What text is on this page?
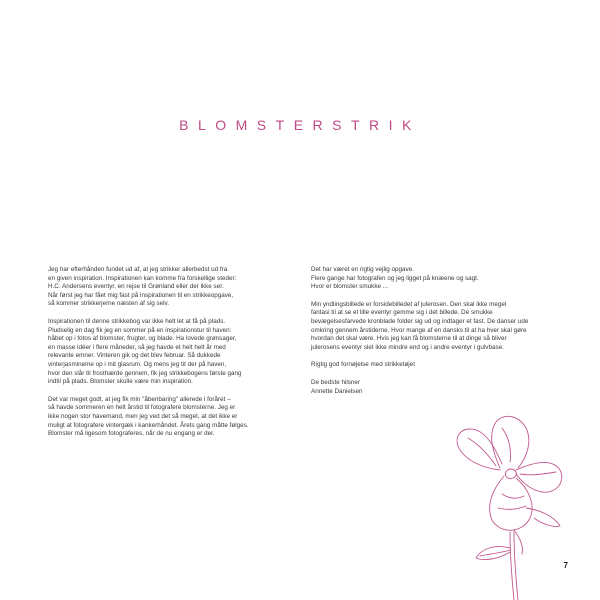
BLOMSTERSTRIK

Jeg har efterhånden fundet ud af, at jeg strikker allerbedst ud fra
en given inspiration. Inspirationen kan komme fra forskellige steder:
H.C. Andersens eventyr, en rejse til Grønland eller der ikke ser.
Når først jeg har fået mig fast på inspirationen til en strikkeopgave,
så kommer strikkerjerne næsten af sig selv.

Inspirationen til denne strikkebog var ikke helt let at få på plads.
Pludselig en dag fik jeg en sommer på en inspirationstur til haven:
håbet op i fotos af blomster, frugter, og blade. Ha lovede grønsager,
en masse idéer i flere måneder, så jeg havde et helt helt år med
relevante emner. Vinteren gik og det blev februar. Så dukkede
vinterjasmineme op i mit glasrum. Og mens jeg tit der på haven,
hvor den slår til frosthærde gennem, fik jeg strikkebogens første gang
indtil på plads. Blomster skulle være min inspiration.

Det var meget godt, at jeg fik min "åbenbaring" allerede i foråret –
så havde sommeren en helt årstid til fotografere blomsterne. Jeg er
ikke nogen stor havemand, men jeg ved det så meget, at det ikke er
muligt at fotografere vintergæk i kankerhåndet. Årets gang måtte følges.
Blomster må ligesom fotograferes, når de nu engang er der.

Det har været en rigtig vejlig opgave.
Flere gange har fotografen og jeg ligget på knæene og sagt.
Hvor er blomster smukke ...

Min yndlingsbillede er forsidebilledet af julerosen. Den skal ikke megel
fantasi til at se et lille eventyr gemme sig i det billede. De smukke
bevægelsesfarvede kronblade folder sig ud og indtager et fast. De danser ude
omkring gennem årstiderne. Hvor mange af en dansks til at ha hver skal gøre
hvordan det skal være. Hvis jeg kan få blomsterne til at dinge så bliver
julerosens eventyr slet ikke mindre end og i andre eventyr i gulvbase.

Rigtig god fornøjelse med strikketøjet

De bedste hilsner
Annette Danielsen

7
